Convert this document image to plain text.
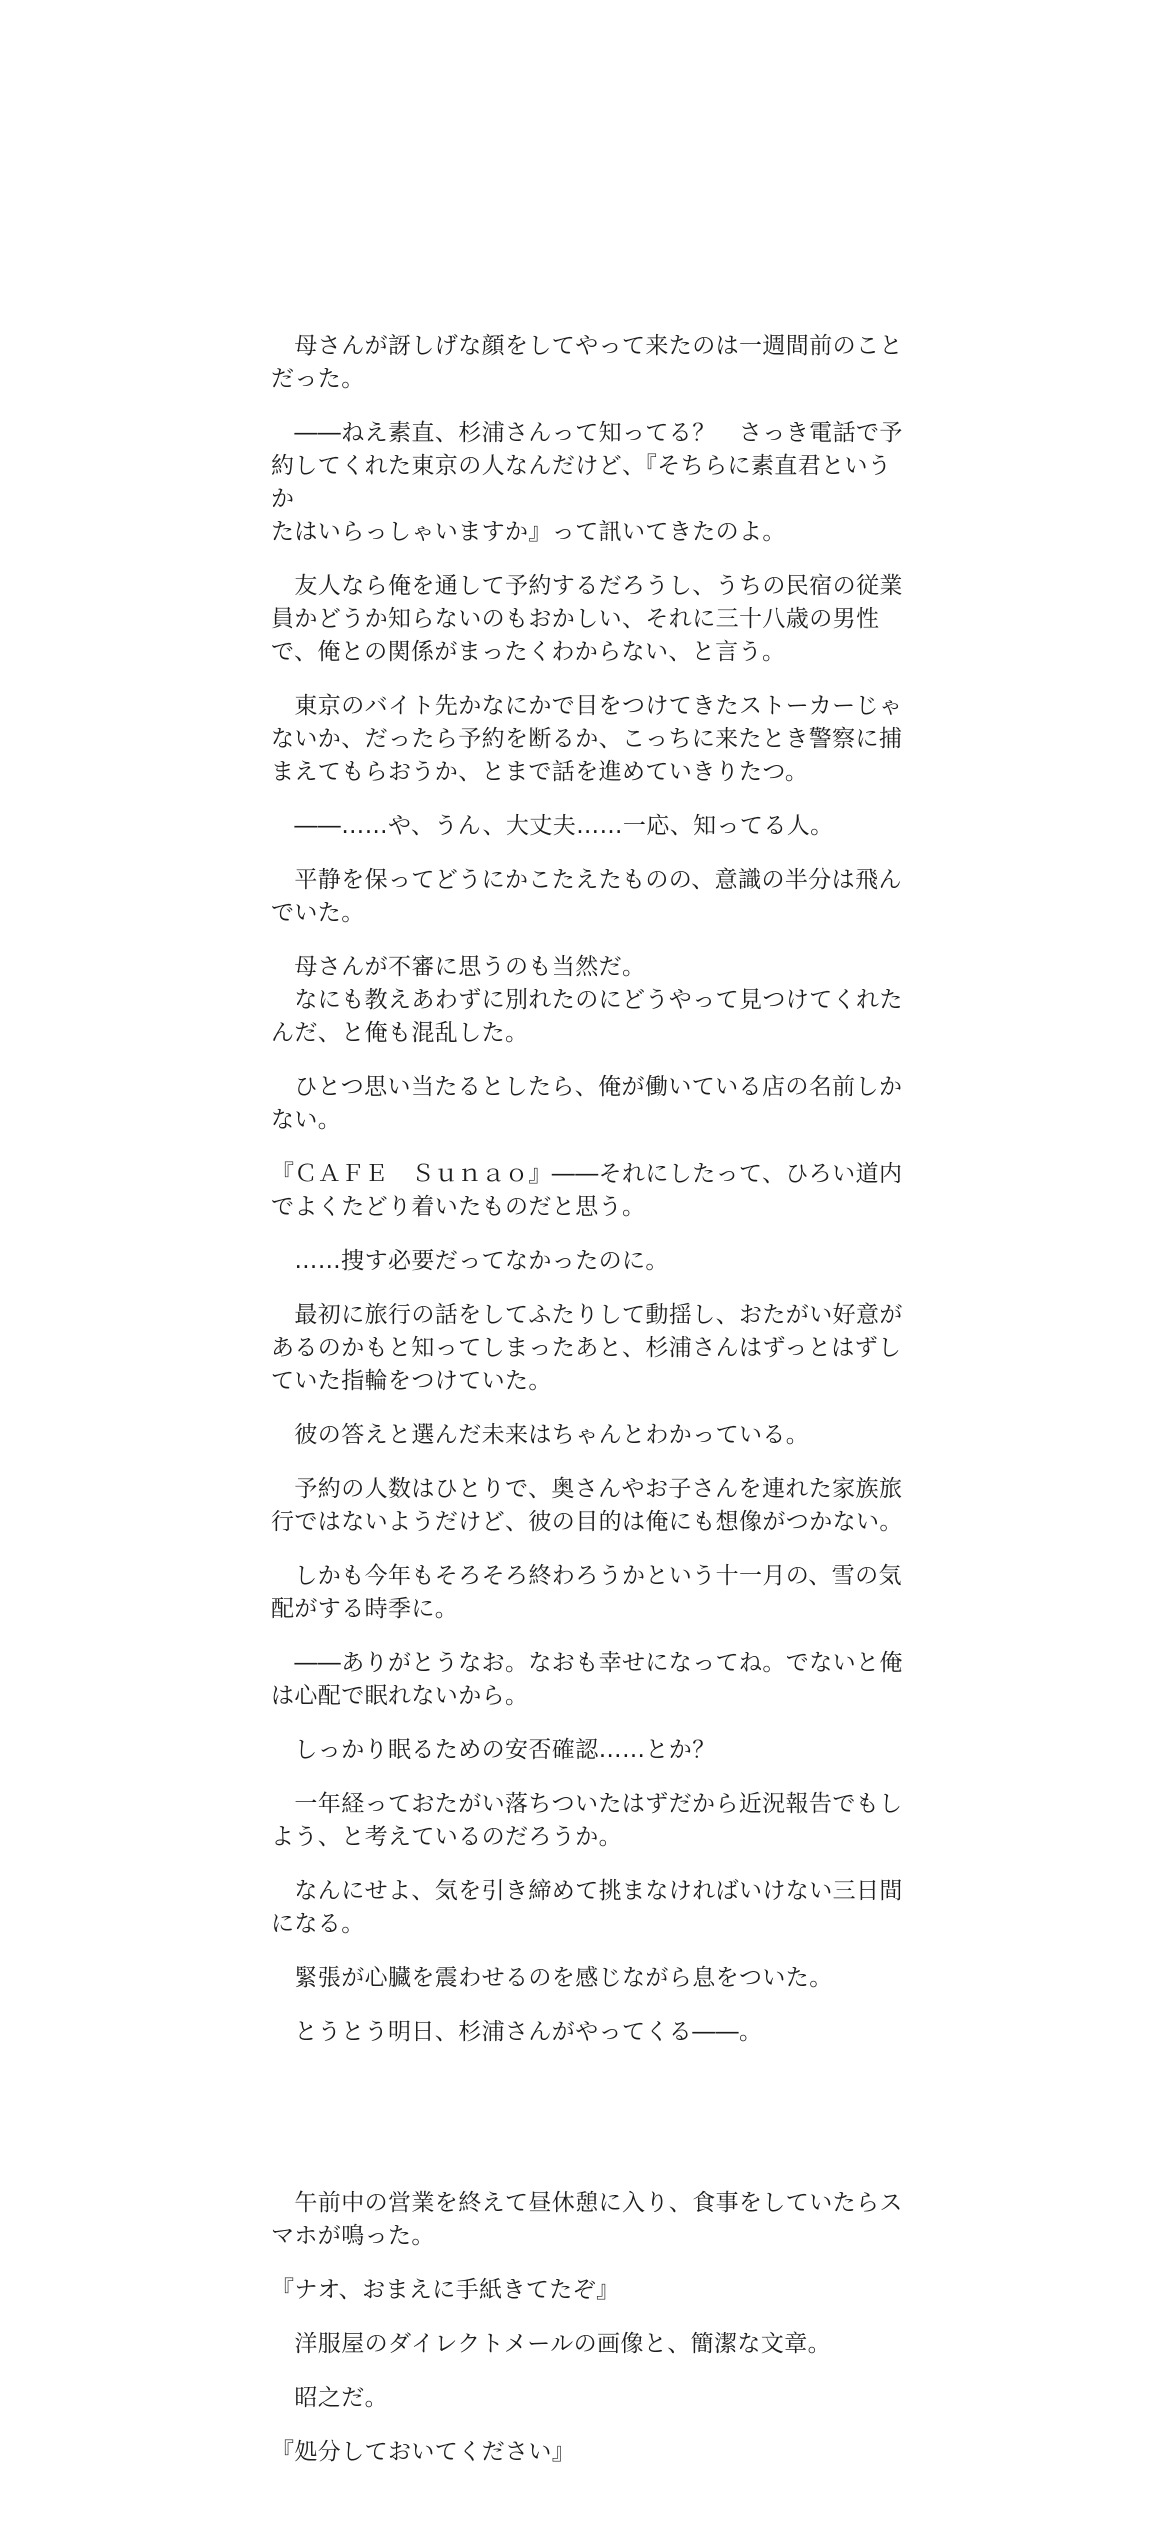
　母さんが訝しげな顔をしてやって来たのは一週間前のこと
だった。

　――ねえ素直、杉浦さんって知ってる？　さっき電話で予
約してくれた東京の人なんだけど、『そちらに素直君というか
たはいらっしゃいますか』って訊いてきたのよ。

　友人なら俺を通して予約するだろうし、うちの民宿の従業
員かどうか知らないのもおかしい、それに三十八歳の男性
で、俺との関係がまったくわからない、と言う。

　東京のバイト先かなにかで目をつけてきたストーカーじゃ
ないか、だったら予約を断るか、こっちに来たとき警察に捕
まえてもらおうか、とまで話を進めていきりたつ。

　――……や、うん、大丈夫……一応、知ってる人。

　平静を保ってどうにかこたえたものの、意識の半分は飛ん
でいた。

　母さんが不審に思うのも当然だ。
　なにも教えあわずに別れたのにどうやって見つけてくれた
んだ、と俺も混乱した。

　ひとつ思い当たるとしたら、俺が働いている店の名前しか
ない。

『ＣＡＦＥ　Ｓｕｎａｏ』――それにしたって、ひろい道内
でよくたどり着いたものだと思う。

　……捜す必要だってなかったのに。

　最初に旅行の話をしてふたりして動揺し、おたがい好意が
あるのかもと知ってしまったあと、杉浦さんはずっとはずし
ていた指輪をつけていた。

　彼の答えと選んだ未来はちゃんとわかっている。

　予約の人数はひとりで、奥さんやお子さんを連れた家族旅
行ではないようだけど、彼の目的は俺にも想像がつかない。

　しかも今年もそろそろ終わろうかという十一月の、雪の気
配がする時季に。

　――ありがとうなお。なおも幸せになってね。でないと俺
は心配で眠れないから。

　しっかり眠るための安否確認……とか？

　一年経っておたがい落ちついたはずだから近況報告でもし
よう、と考えているのだろうか。

　なんにせよ、気を引き締めて挑まなければいけない三日間
になる。

　緊張が心臓を震わせるのを感じながら息をついた。

　とうとう明日、杉浦さんがやってくる――。

　午前中の営業を終えて昼休憩に入り、食事をしていたらス
マホが鳴った。

『ナオ、おまえに手紙きてたぞ』

　洋服屋のダイレクトメールの画像と、簡潔な文章。

　昭之だ。

『処分しておいてください』
